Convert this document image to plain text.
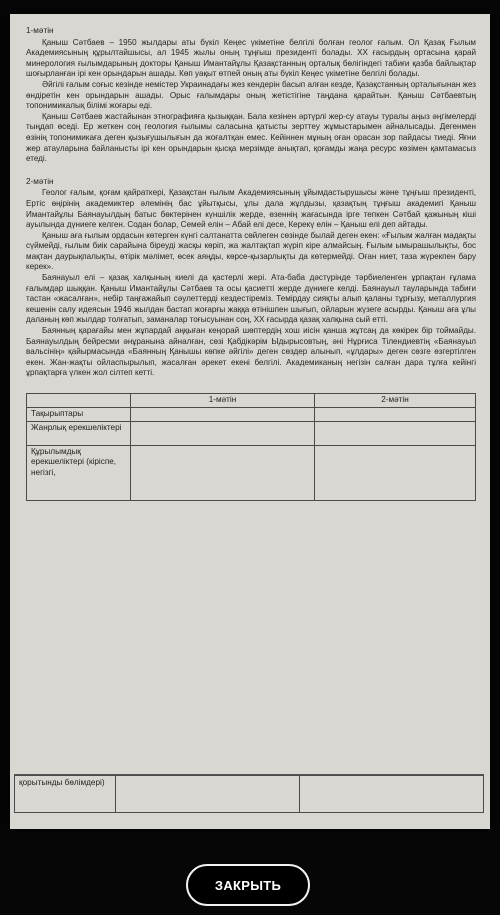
1-мәтін

Қаныш Сәтбаев – 1950 жылдары аты бүкіл Кеңес үкіметіне белгілі болған геолог ғалым. Ол Қазақ Ғылым Академиясының құрылтайшысы, ал 1945 жылы оның тұңғыш президенті болады. ХХ ғасырдың ортасына қарай минерология ғылымдарының докторы Қаныш Имантайұлы Қазақстанның орталық бөлігіндегі табиғи қазба байлықтар шоғырланған ірі кен орындарын ашады. Көп уақыт өтпей оның аты бүкіл Кеңес үкіметіне белгілі болады.

Әйгілі ғалым соғыс кезінде немістер Украинадағы жез кендерін басып алған кезде, Қазақстанның орталығынан жез өндіретін кен орындарын ашады. Орыс ғалымдары оның жетістігіне таңдана қарайтын. Қаныш Сәтбаевтың топонимикалық білімі жоғары еді.

Қаныш Сәтбаев жастайынан этнографияға қызыққан. Бала кезінен әртүрлі жер-су атауы туралы аңыз әңгімелерді тыңдап өседі. Ер жеткен соң геология ғылымы саласына қатысты зерттеу жұмыстарымен айналысады. Дегенмен өзінің топонимикаға деген қызығушылығын да жоғалтқан емес. Кейіннен мұның оған орасан зор пайдасы тиеді. Яғни жер атауларына байланысты ірі кен орындарын қысқа мерзімде анықтап, қоғамды жаңа ресурс көзімен қамтамасыз етеді.

2-мәтін

Геолог ғалым, қоғам қайраткері, Қазақстан ғылым Академиясының ұйымдастырушысы және тұңғыш президенті, Ертіс өңірінің академиктер әлемінің бас ұйытқысы, ұлы дала жұлдызы, қазақтың тұңғыш академигі Қаныш Имантайұлы Баянауылдың батыс бөктерінен күншілік жерде, өзеннің жағасында ірге тепкен Сәтбай қажының кіші ауылында дүниеге келген. Содан болар, Семей елін – Абай елі десе, Керекү елін – Қаныш елі деп айтады.

Қаныш аға ғылым ордасын көтерген күнгі салтанатта сөйлеген сөзінде былай деген екен: «Ғылым жалған мадақты сүймейді, ғылым биік сарайына біреуді жасқы көріп, жа жалтақтап жүріп кіре алмайсың. Ғылым ымырашылықты, бос мақтан даурықпалықты, өтірік мәлімет, өсек аяңды, көрсе-қызарлықты да көтермейді. Оған ниет, таза жүрекпен бару керек».

Баянауыл елі – қазақ халқының киелі да қастерлі жері. Ата-баба дәстүрінде тәрбиеленген ұрпақтан ғұлама ғалымдар шыққан. Қаныш Имантайұлы Сәтбаев та осы қасиетті жерде дүниеге келді. Баянауыл тауларында табиғи тастан «жасалған», небір таңғажайып сәулеттерді кездестіреміз. Темірдау сияқты алып қаланы тұрғызу, металлургия кешенін салу идеясын 1946 жылдан бастап жоғарғы жаққа өтінішпен шығып, ойларын жүзеге асырды. Қаныш аға ұлы даланың көп жылдар толғатып, заманалар тоғысуынан соң, ХХ ғасырда қазақ халқына сый етті.

Баянның қарағайы мен жұпардай аңқыған кеңорай шөптердің хош иісін қанша жұтсаң да көкірек бір тоймайды. Баянауылдың бейресми әнұранына айналған, сөзі Қабдікәрім Ыдырысовтың, әні Нұрғиса Тілендиевтің «Баянауыл вальсінің» қайырмасында «Баянның Қанышы көпке әйгілі» деген сөздер алынып, «ұлдары» деген сөзге өзгертілген екен. Жан-жақты ойласпырылып, жасалған әрекет екені белгілі. Академиканың негізін салған дара тұлға кейінгі ұрпақтарға үлкен жол сілтеп кетті.

	1-мәтін	2-мәтін
Тақырыптары		
Жанрлық ерекшеліктері		
Құрылымдық ерекшеліктері (кіріспе, негізгі,		
қорытынды бөлімдері)		
ЗАКРЫТЬ
